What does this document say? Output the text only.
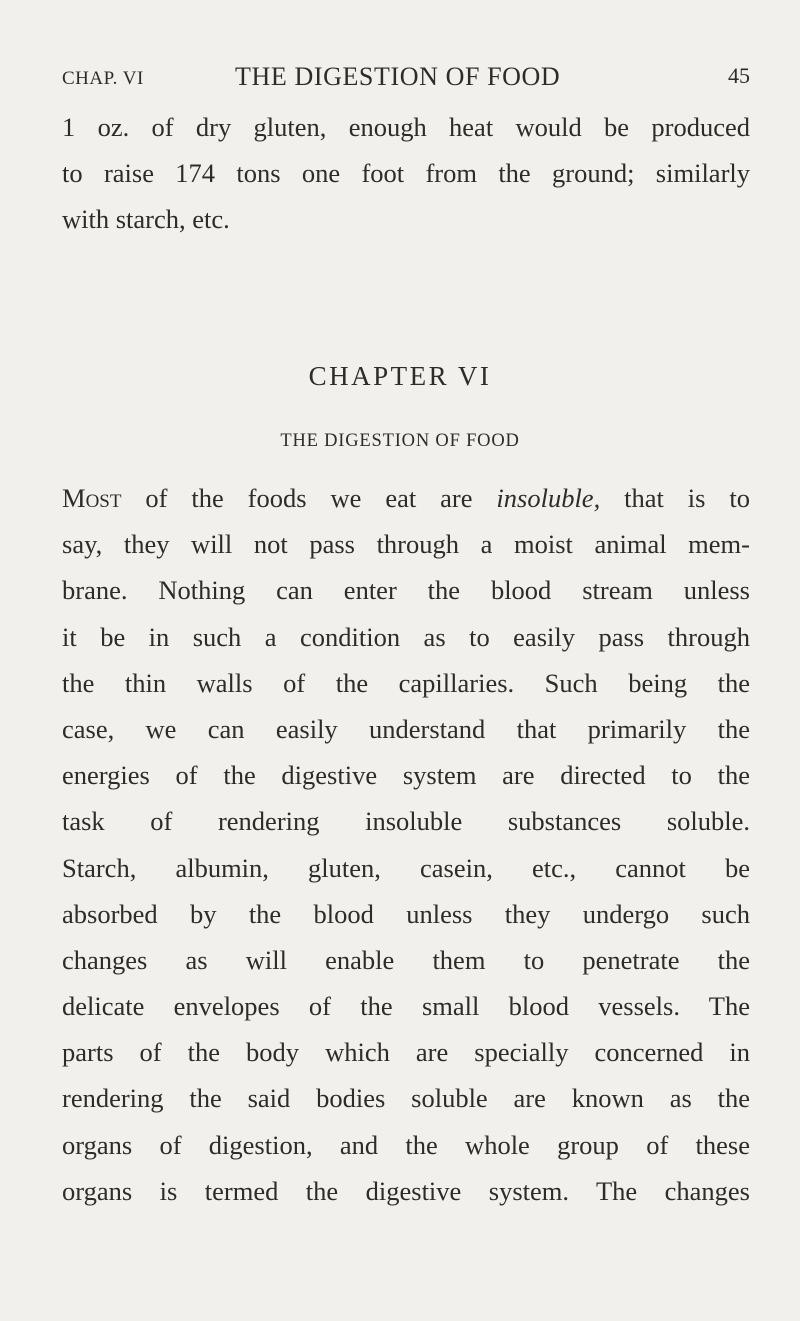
CHAP. VI	THE DIGESTION OF FOOD	45
1 oz. of dry gluten, enough heat would be produced
to raise 174 tons one foot from the ground; similarly
with starch, etc.
CHAPTER VI
THE DIGESTION OF FOOD
Most of the foods we eat are insoluble, that is to
say, they will not pass through a moist animal mem-
brane. Nothing can enter the blood stream unless
it be in such a condition as to easily pass through
the thin walls of the capillaries. Such being the
case, we can easily understand that primarily the
energies of the digestive system are directed to the
task of rendering insoluble substances soluble.
Starch, albumin, gluten, casein, etc., cannot be
absorbed by the blood unless they undergo such
changes as will enable them to penetrate the
delicate envelopes of the small blood vessels. The
parts of the body which are specially concerned in
rendering the said bodies soluble are known as the
organs of digestion, and the whole group of these
organs is termed the digestive system. The changes
